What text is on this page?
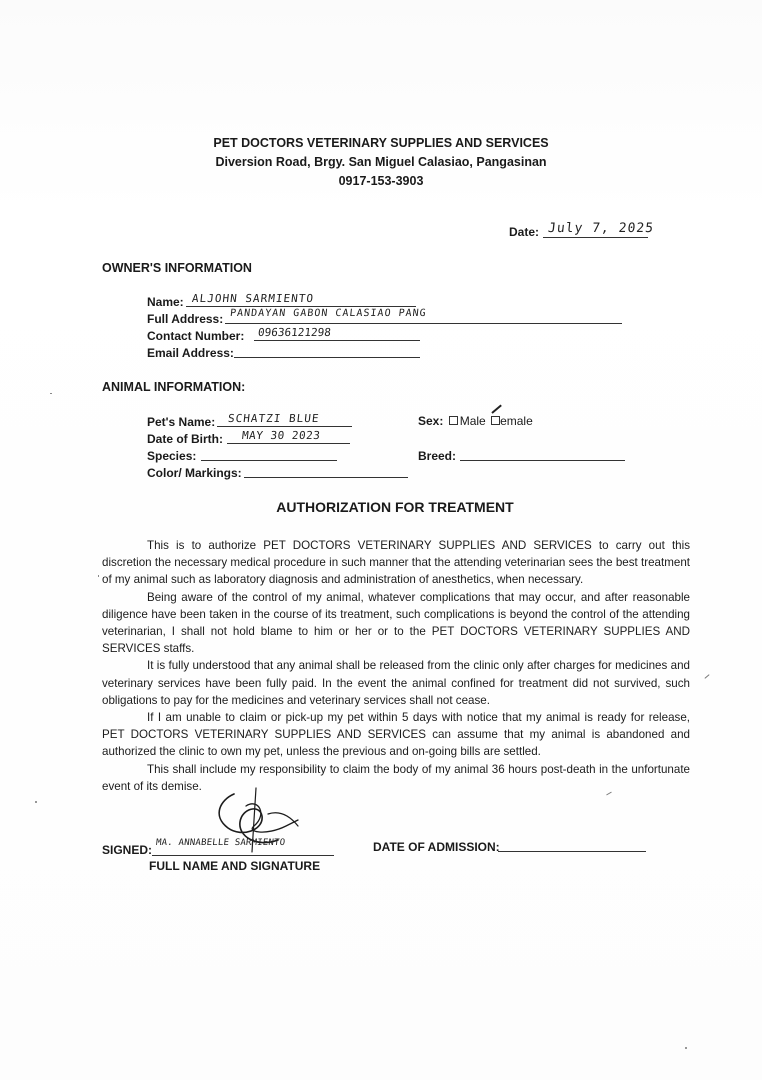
PET DOCTORS VETERINARY SUPPLIES AND SERVICES
Diversion Road, Brgy. San Miguel Calasiao, Pangasinan
0917-153-3903
Date: July 7, 2025
OWNER'S INFORMATION
Name: ALJOHN SARMIENTO
Full Address: PANDAYAN GABON CALASIAO PANG
Contact Number: 09636121298
Email Address:
ANIMAL INFORMATION:
Pet's Name: SCHATZI BLUE
Date of Birth: MAY 30 2023
Species:
Color/ Markings:
Sex: Male emale
Breed:
AUTHORIZATION FOR TREATMENT

This is to authorize PET DOCTORS VETERINARY SUPPLIES AND SERVICES to carry out this discretion the necessary medical procedure in such manner that the attending veterinarian sees the best treatment of my animal such as laboratory diagnosis and administration of anesthetics, when necessary.

Being aware of the control of my animal, whatever complications that may occur, and after reasonable diligence have been taken in the course of its treatment, such complications is beyond the control of the attending veterinarian, I shall not hold blame to him or her or to the PET DOCTORS VETERINARY SUPPLIES AND SERVICES staffs.

It is fully understood that any animal shall be released from the clinic only after charges for medicines and veterinary services have been fully paid. In the event the animal confined for treatment did not survived, such obligations to pay for the medicines and veterinary services shall not cease.

If I am unable to claim or pick-up my pet within 5 days with notice that my animal is ready for release, PET DOCTORS VETERINARY SUPPLIES AND SERVICES can assume that my animal is abandoned and authorized the clinic to own my pet, unless the previous and on-going bills are settled.

This shall include my responsibility to claim the body of my animal 36 hours post-death in the unfortunate event of its demise.

SIGNED: MA. ANNABELLE SARMIENTO
FULL NAME AND SIGNATURE
DATE OF ADMISSION:
